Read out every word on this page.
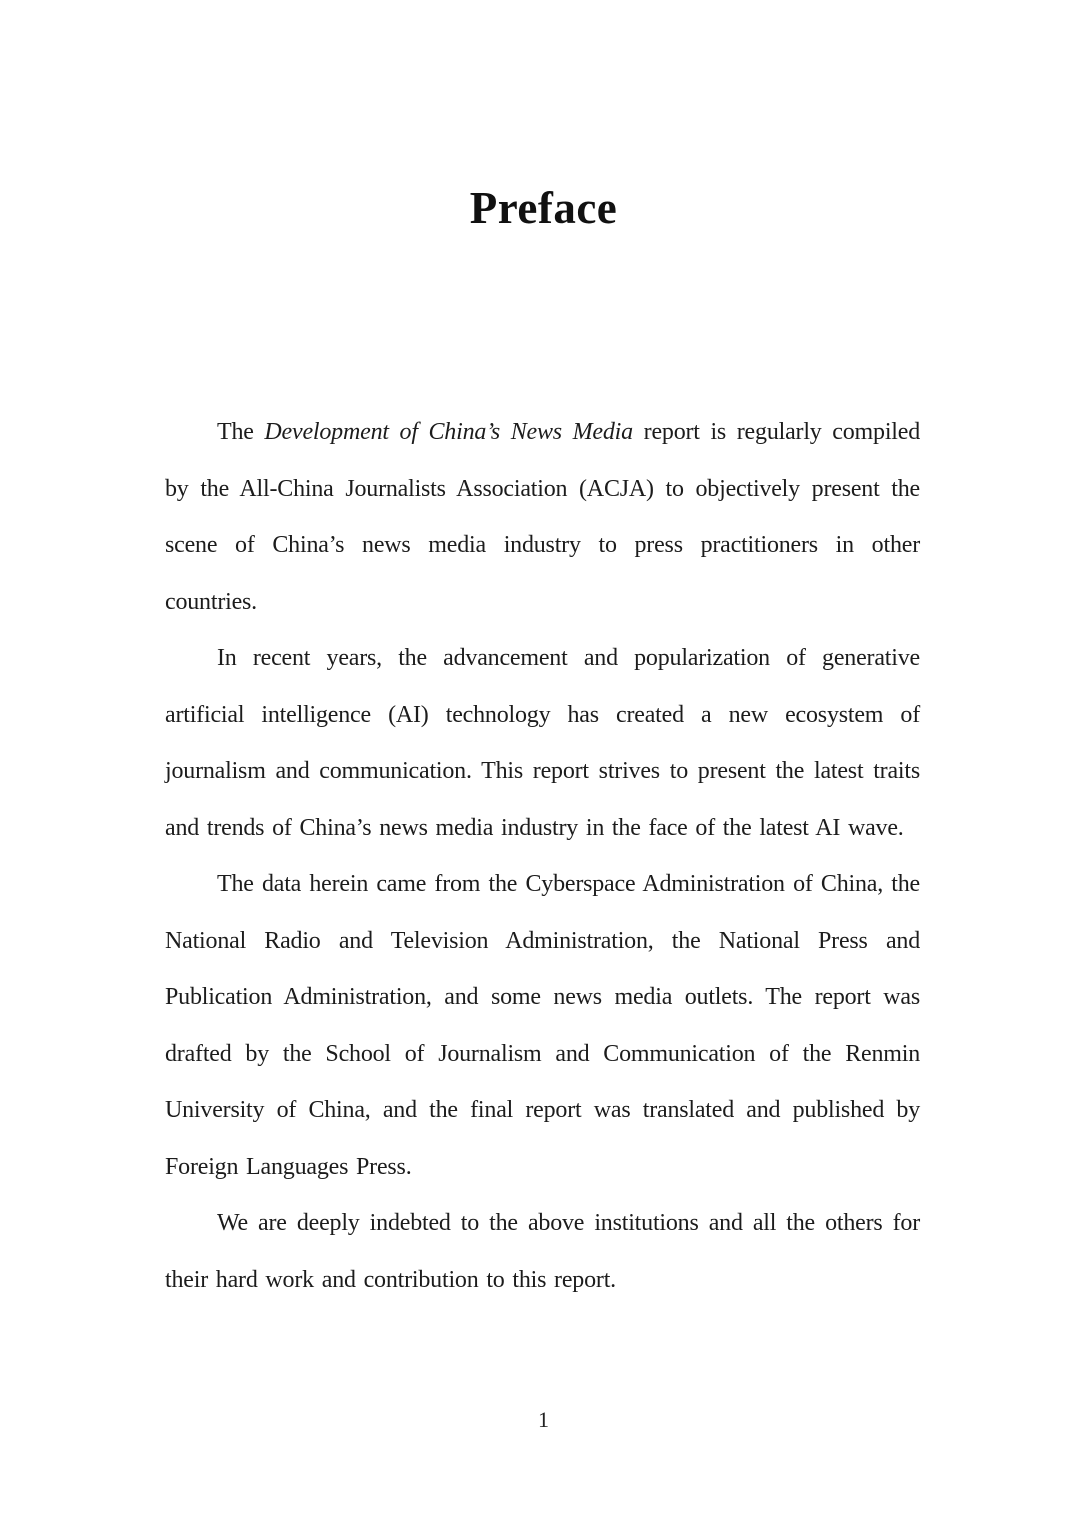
Preface

The Development of China’s News Media report is regularly compiled by the All-China Journalists Association (ACJA) to objectively present the scene of China’s news media industry to press practitioners in other countries.

In recent years, the advancement and popularization of generative artificial intelligence (AI) technology has created a new ecosystem of journalism and communication. This report strives to present the latest traits and trends of China’s news media industry in the face of the latest AI wave.

The data herein came from the Cyberspace Administration of China, the National Radio and Television Administration, the National Press and Publication Administration, and some news media outlets. The report was drafted by the School of Journalism and Communication of the Renmin University of China, and the final report was translated and published by Foreign Languages Press.

We are deeply indebted to the above institutions and all the others for their hard work and contribution to this report.

1
